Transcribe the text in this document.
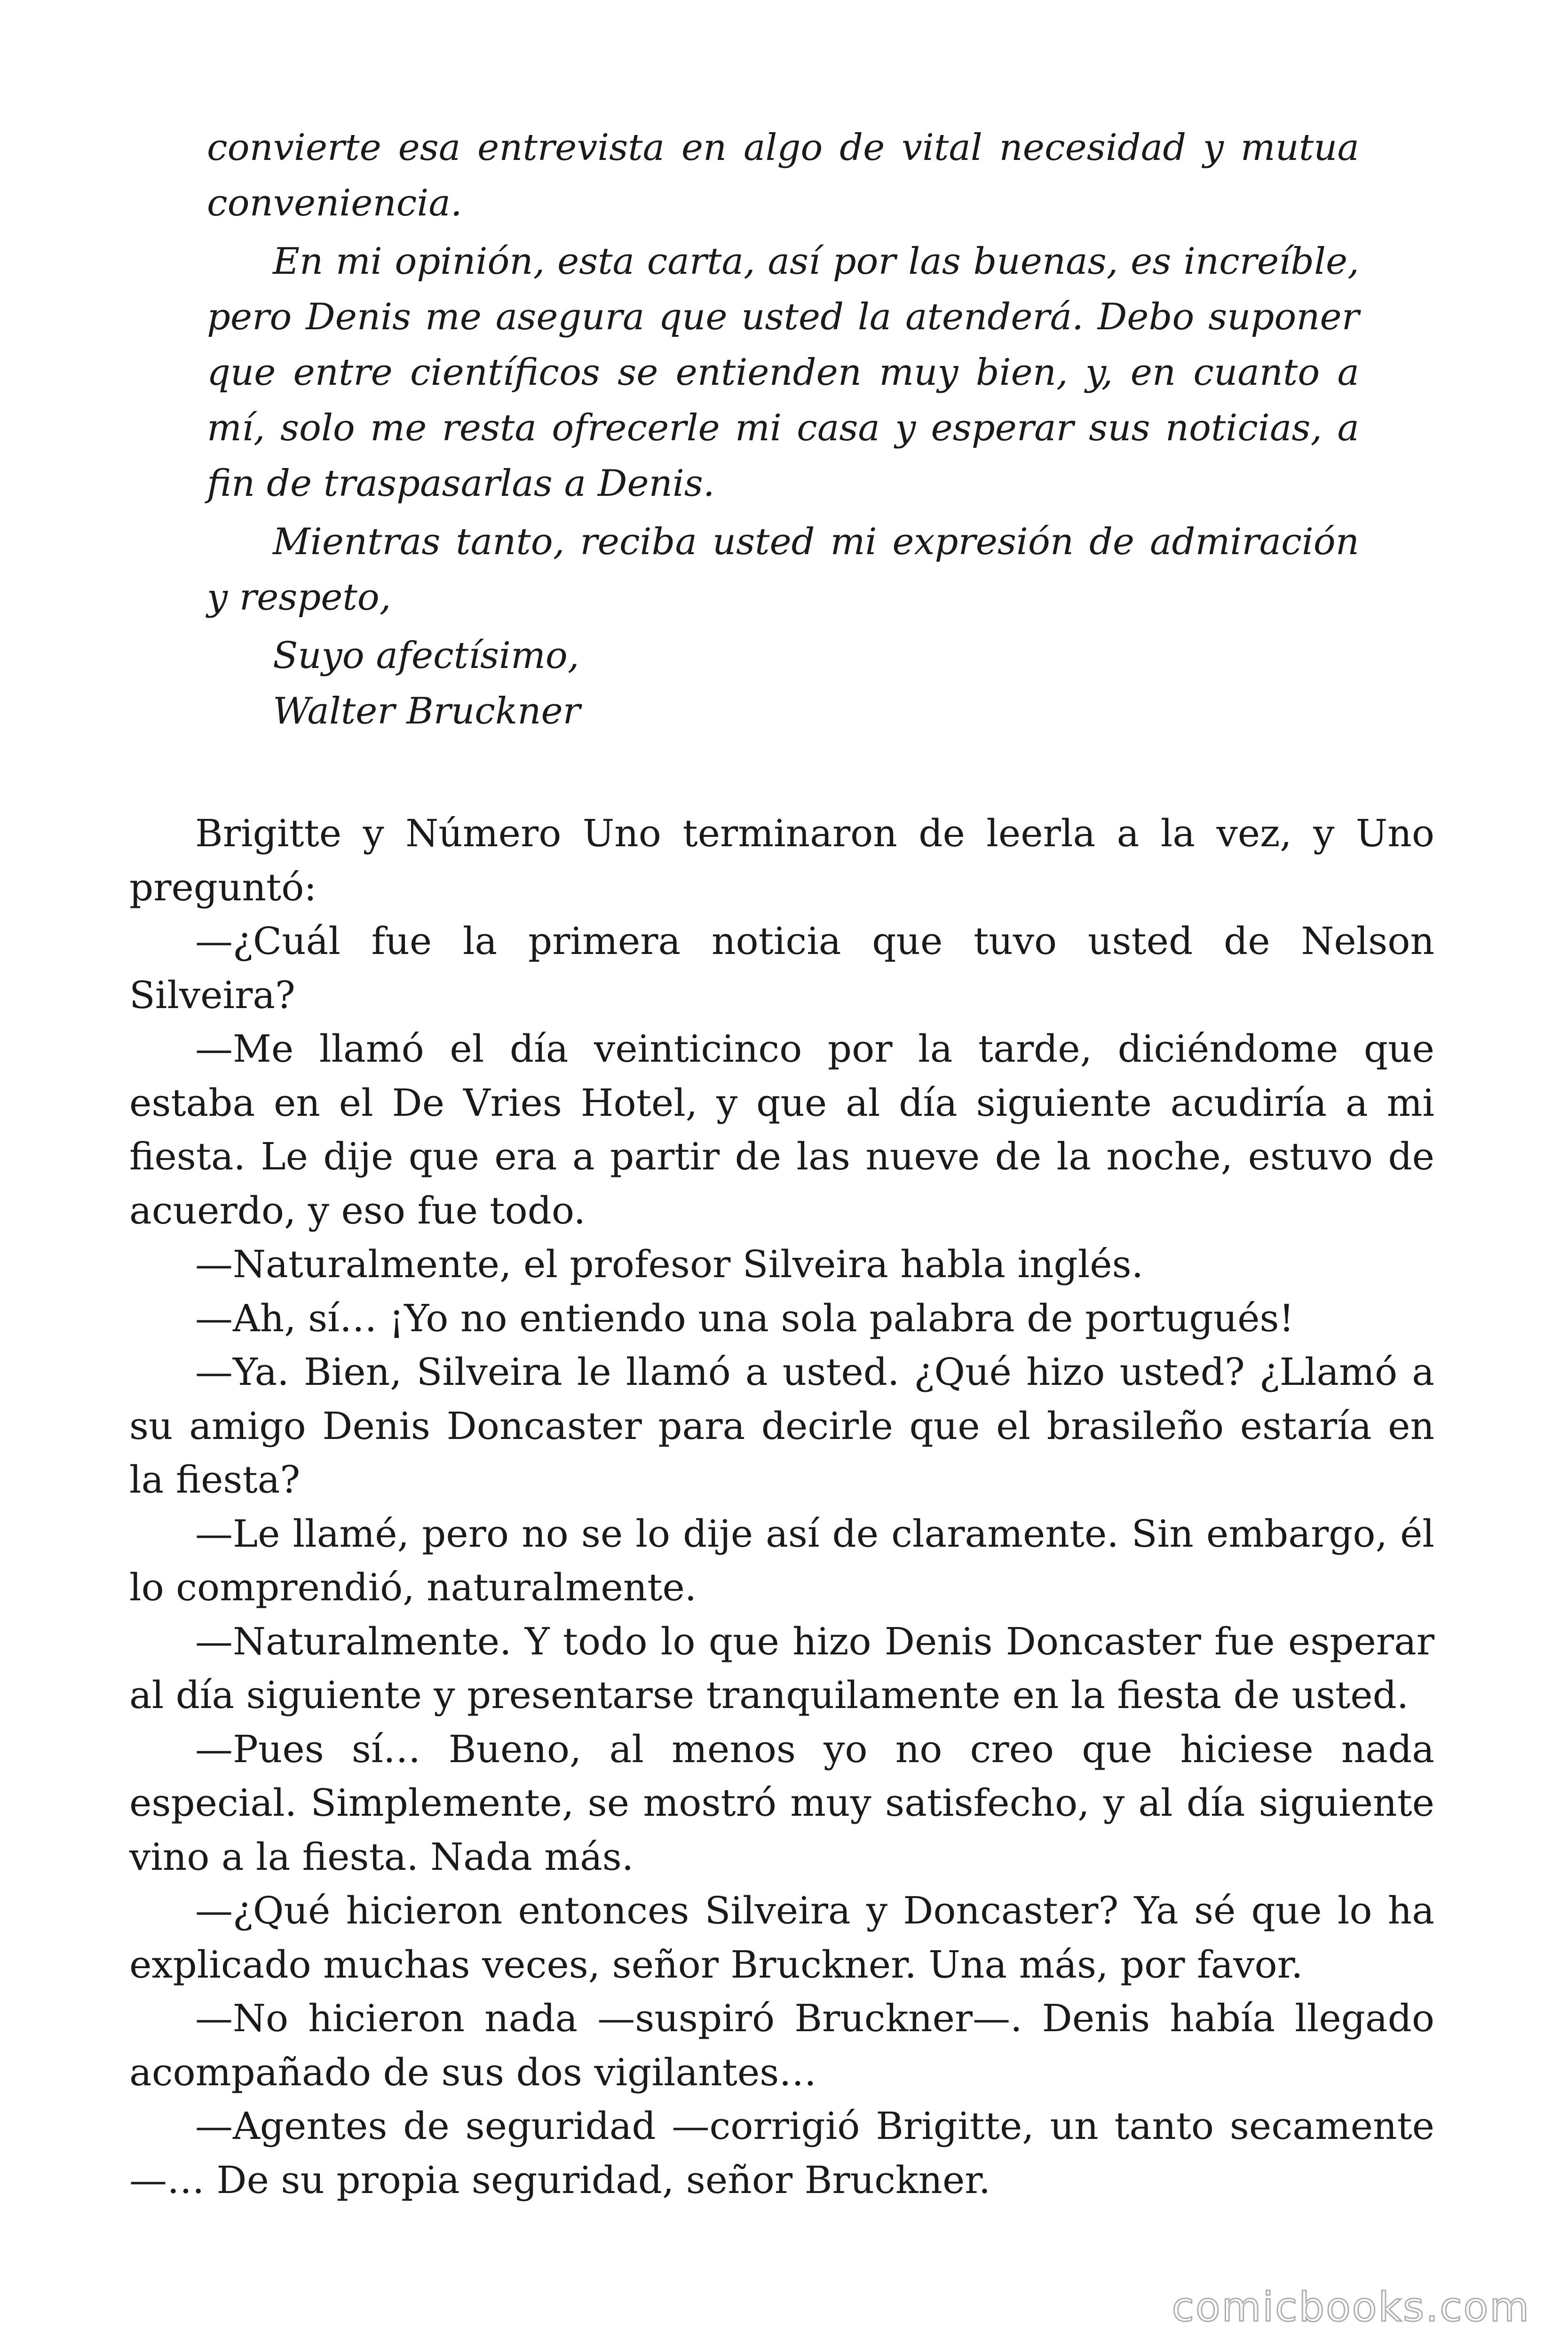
convierte esa entrevista en algo de vital necesidad y mutua conveniencia.

En mi opinión, esta carta, así por las buenas, es increíble, pero Denis me asegura que usted la atenderá. Debo suponer que entre científicos se entienden muy bien, y, en cuanto a mí, solo me resta ofrecerle mi casa y esperar sus noticias, a fin de traspasarlas a Denis.

Mientras tanto, reciba usted mi expresión de admiración y respeto,

Suyo afectísimo,

Walter Bruckner

Brigitte y Número Uno terminaron de leerla a la vez, y Uno preguntó:

—¿Cuál fue la primera noticia que tuvo usted de Nelson Silveira?

—Me llamó el día veinticinco por la tarde, diciéndome que estaba en el De Vries Hotel, y que al día siguiente acudiría a mi fiesta. Le dije que era a partir de las nueve de la noche, estuvo de acuerdo, y eso fue todo.

—Naturalmente, el profesor Silveira habla inglés.

—Ah, sí… ¡Yo no entiendo una sola palabra de portugués!

—Ya. Bien, Silveira le llamó a usted. ¿Qué hizo usted? ¿Llamó a su amigo Denis Doncaster para decirle que el brasileño estaría en la fiesta?

—Le llamé, pero no se lo dije así de claramente. Sin embargo, él lo comprendió, naturalmente.

—Naturalmente. Y todo lo que hizo Denis Doncaster fue esperar al día siguiente y presentarse tranquilamente en la fiesta de usted.

—Pues sí… Bueno, al menos yo no creo que hiciese nada especial. Simplemente, se mostró muy satisfecho, y al día siguiente vino a la fiesta. Nada más.

—¿Qué hicieron entonces Silveira y Doncaster? Ya sé que lo ha explicado muchas veces, señor Bruckner. Una más, por favor.

—No hicieron nada —suspiró Bruckner—. Denis había llegado acompañado de sus dos vigilantes…

—Agentes de seguridad —corrigió Brigitte, un tanto secamente —… De su propia seguridad, señor Bruckner.

comicbooks.com
